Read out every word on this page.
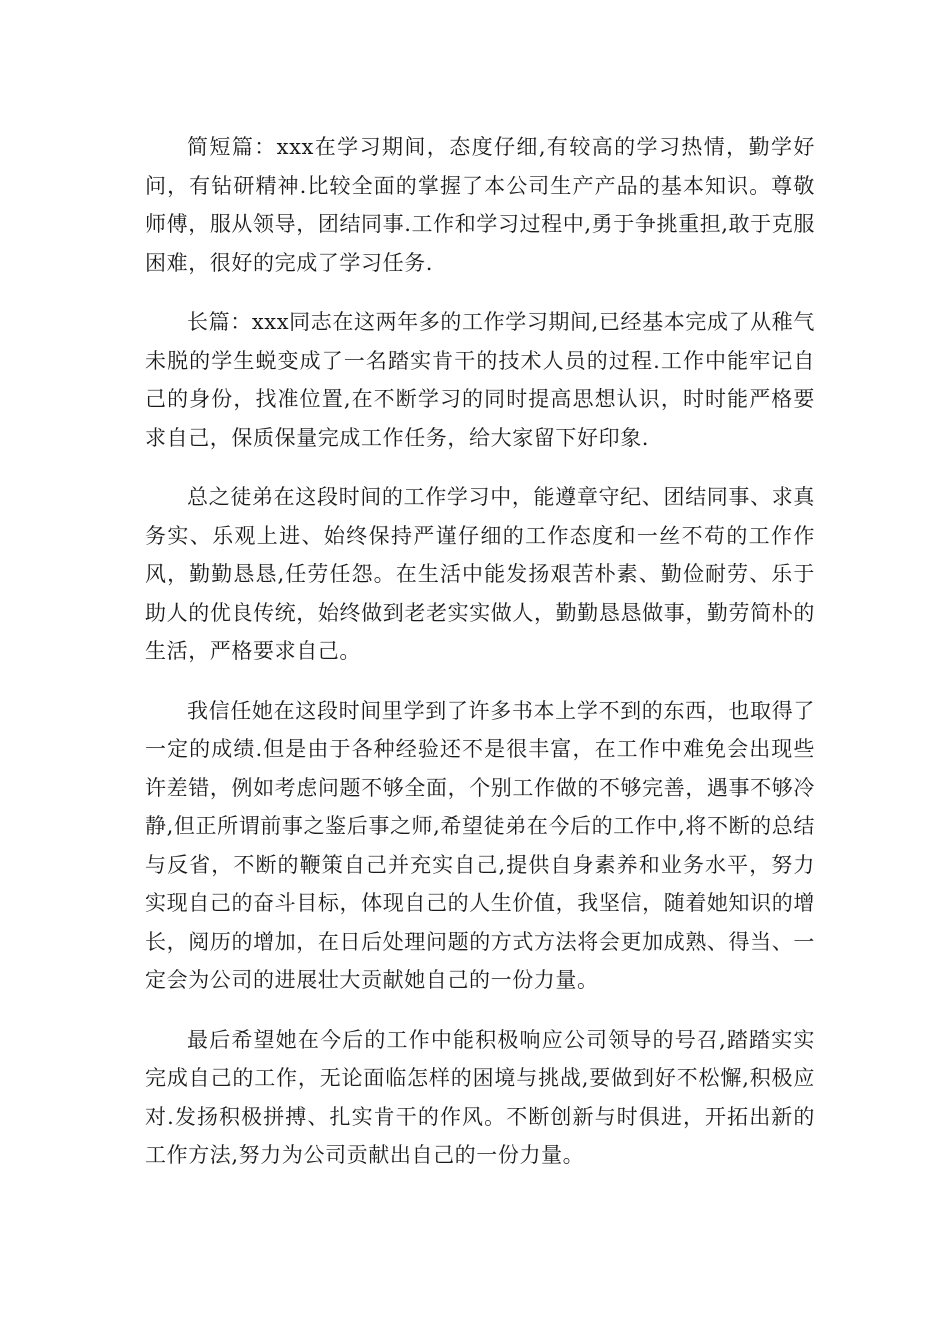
简短篇：xxx在学习期间，态度仔细,有较高的学习热情，勤学好问，有钻研精神.比较全面的掌握了本公司生产产品的基本知识。尊敬师傅，服从领导，团结同事.工作和学习过程中,勇于争挑重担,敢于克服困难，很好的完成了学习任务.

长篇：xxx同志在这两年多的工作学习期间,已经基本完成了从稚气未脱的学生蜕变成了一名踏实肯干的技术人员的过程.工作中能牢记自己的身份，找准位置,在不断学习的同时提高思想认识，时时能严格要求自己，保质保量完成工作任务，给大家留下好印象.

总之徒弟在这段时间的工作学习中，能遵章守纪、团结同事、求真务实、乐观上进、始终保持严谨仔细的工作态度和一丝不苟的工作作风，勤勤恳恳,任劳任怨。在生活中能发扬艰苦朴素、勤俭耐劳、乐于助人的优良传统，始终做到老老实实做人，勤勤恳恳做事，勤劳简朴的生活，严格要求自己。

我信任她在这段时间里学到了许多书本上学不到的东西，也取得了一定的成绩.但是由于各种经验还不是很丰富，在工作中难免会出现些许差错，例如考虑问题不够全面，个别工作做的不够完善，遇事不够冷静,但正所谓前事之鉴后事之师,希望徒弟在今后的工作中,将不断的总结与反省，不断的鞭策自己并充实自己,提供自身素养和业务水平，努力实现自己的奋斗目标，体现自己的人生价值，我坚信，随着她知识的增长，阅历的增加，在日后处理问题的方式方法将会更加成熟、得当、一定会为公司的进展壮大贡献她自己的一份力量。

最后希望她在今后的工作中能积极响应公司领导的号召,踏踏实实完成自己的工作，无论面临怎样的困境与挑战,要做到好不松懈,积极应对.发扬积极拼搏、扎实肯干的作风。不断创新与时俱进，开拓出新的工作方法,努力为公司贡献出自己的一份力量。
